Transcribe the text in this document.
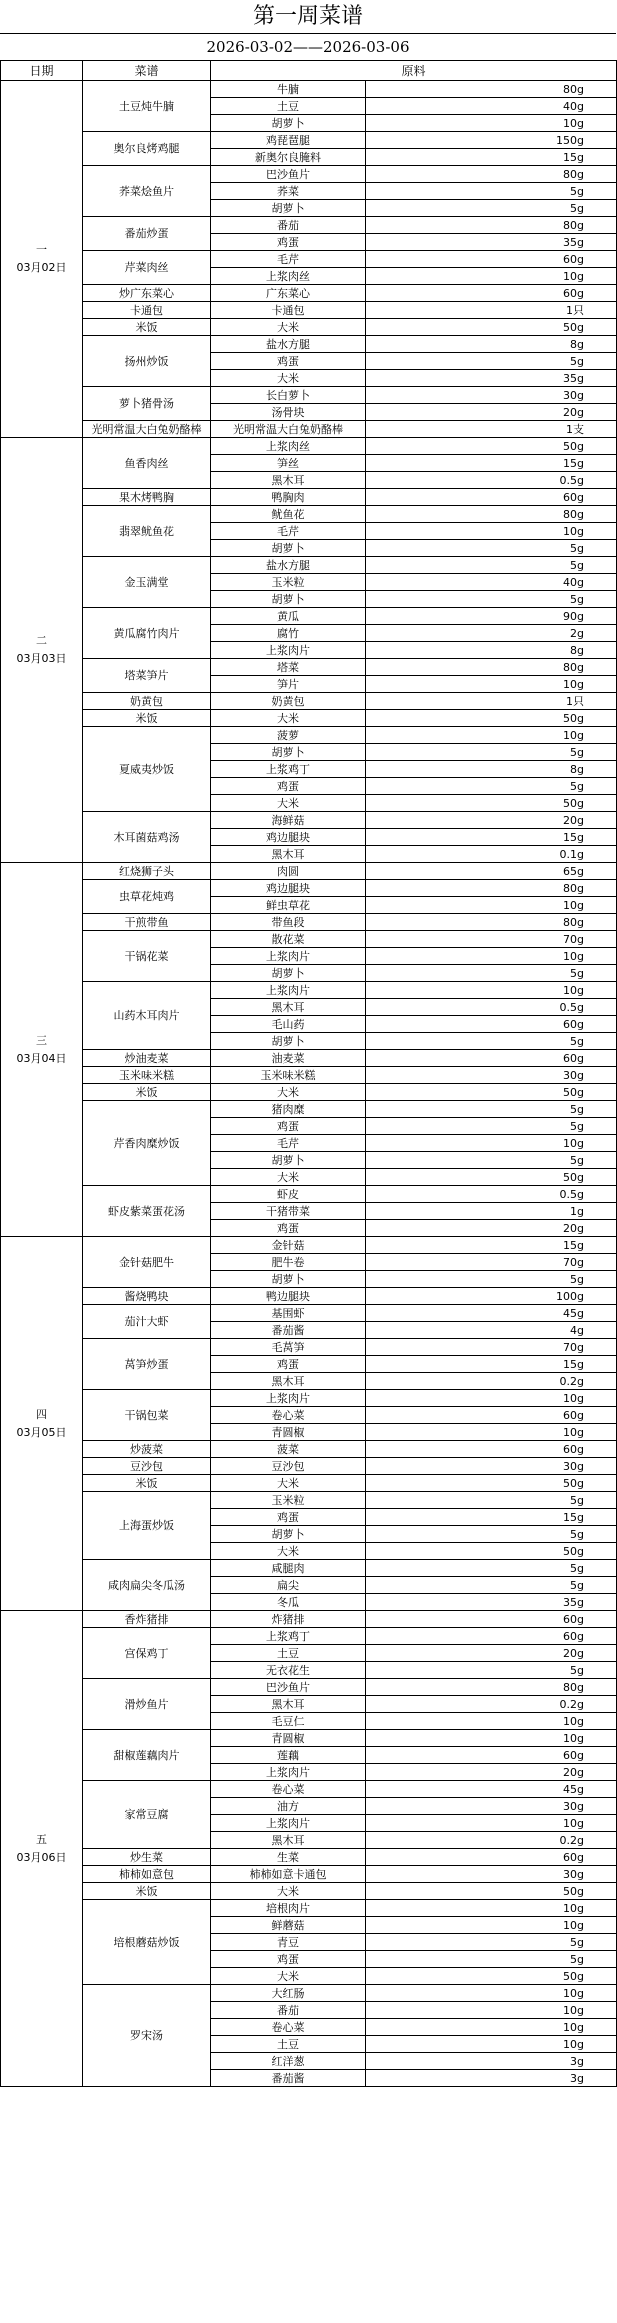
第一周菜谱
2026-03-02——2026-03-06
日期	菜谱	原料	

一
03月02日	土豆炖牛腩	牛腩	80g
		土豆	40g
		胡萝卜	10g
	奥尔良烤鸡腿	鸡琵琶腿	150g
		新奥尔良腌料	15g
	荞菜烩鱼片	巴沙鱼片	80g
		荞菜	5g
		胡萝卜	5g
	番茄炒蛋	番茄	80g
		鸡蛋	35g
	芹菜肉丝	毛芹	60g
		上浆肉丝	10g
	炒广东菜心	广东菜心	60g
	卡通包	卡通包	1只
	米饭	大米	50g
	扬州炒饭	盐水方腿	8g
		鸡蛋	5g
		大米	35g
	萝卜猪骨汤	长白萝卜	30g
		汤骨块	20g
	光明常温大白兔奶酪棒	光明常温大白兔奶酪棒	1支

二
03月03日	鱼香肉丝	上浆肉丝	50g
		笋丝	15g
		黑木耳	0.5g
	果木烤鸭胸	鸭胸肉	60g
	翡翠鱿鱼花	鱿鱼花	80g
		毛芹	10g
		胡萝卜	5g
	金玉满堂	盐水方腿	5g
		玉米粒	40g
		胡萝卜	5g
	黄瓜腐竹肉片	黄瓜	90g
		腐竹	2g
		上浆肉片	8g
	塔菜笋片	塔菜	80g
		笋片	10g
	奶黄包	奶黄包	1只
	米饭	大米	50g
	夏威夷炒饭	菠萝	10g
		胡萝卜	5g
		上浆鸡丁	8g
		鸡蛋	5g
		大米	50g
	木耳菌菇鸡汤	海鲜菇	20g
		鸡边腿块	15g
		黑木耳	0.1g

三
03月04日	红烧狮子头	肉圆	65g
	虫草花炖鸡	鸡边腿块	80g
		鲜虫草花	10g
	干煎带鱼	带鱼段	80g
	干锅花菜	散花菜	70g
		上浆肉片	10g
		胡萝卜	5g
	山药木耳肉片	上浆肉片	10g
		黑木耳	0.5g
		毛山药	60g
		胡萝卜	5g
	炒油麦菜	油麦菜	60g
	玉米味米糕	玉米味米糕	30g
	米饭	大米	50g
	芹香肉糜炒饭	猪肉糜	5g
		鸡蛋	5g
		毛芹	10g
		胡萝卜	5g
		大米	50g
	虾皮紫菜蛋花汤	虾皮	0.5g
		干猪带菜	1g
		鸡蛋	20g

四
03月05日	金针菇肥牛	金针菇	15g
		肥牛卷	70g
		胡萝卜	5g
	酱烧鸭块	鸭边腿块	100g
	茄汁大虾	基围虾	45g
		番茄酱	4g
	莴笋炒蛋	毛莴笋	70g
		鸡蛋	15g
		黑木耳	0.2g
	干锅包菜	上浆肉片	10g
		卷心菜	60g
		青圆椒	10g
	炒菠菜	菠菜	60g
	豆沙包	豆沙包	30g
	米饭	大米	50g
	上海蛋炒饭	玉米粒	5g
		鸡蛋	15g
		胡萝卜	5g
		大米	50g
	咸肉扁尖冬瓜汤	咸腿肉	5g
		扁尖	5g
		冬瓜	35g

五
03月06日	香炸猪排	炸猪排	60g
	宫保鸡丁	上浆鸡丁	60g
		土豆	20g
		无衣花生	5g
	滑炒鱼片	巴沙鱼片	80g
		黑木耳	0.2g
		毛豆仁	10g
	甜椒莲藕肉片	青圆椒	10g
		莲藕	60g
		上浆肉片	20g
	家常豆腐	卷心菜	45g
		油方	30g
		上浆肉片	10g
		黑木耳	0.2g
	炒生菜	生菜	60g
	柿柿如意包	柿柿如意卡通包	30g
	米饭	大米	50g
	培根蘑菇炒饭	培根肉片	10g
		鲜蘑菇	10g
		青豆	5g
		鸡蛋	5g
		大米	50g
	罗宋汤	大红肠	10g
		番茄	10g
		卷心菜	10g
		土豆	10g
		红洋葱	3g
		番茄酱	3g
